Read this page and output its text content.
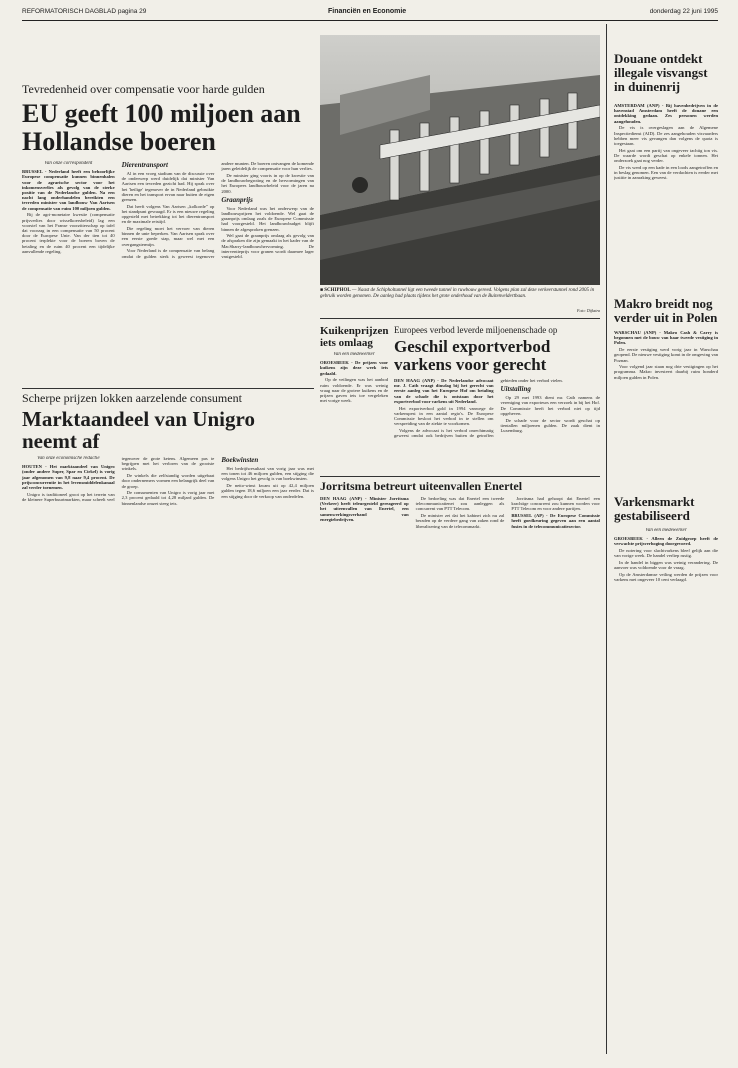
REFORMATORISCH DAGBLAD pagina 29	Financiën en Economie	donderdag 22 juni 1995
Tevredenheid over compensatie voor harde gulden
EU geeft 100 miljoen aan Hollandse boeren

Van onze correspondent

BRUSSEL - Nederland heeft een behoorlijke Europese compensatie kunnen binnenhalen voor de agrarische sector voor het inkomensverlies als gevolg van de sterke positie van de Nederlandse gulden. Na een nacht lang onderhandelen bereikten een tevreden minister van landbouw Van Aartsen de compensatie van ruim 100 miljoen gulden.

Bij de agri-monetaire kwestie (compensatie prijsverlies door wisselkoersbeleid) lag een voorstel van het Franse voorzitterschap op tafel dat voorzag in een compensatie van 50 procent door de Europese Unie. Van der tien tot 40 procent terplekte voor de boeren boven de betaling en de ruim 40 procent een tijdelijke aanvullende regeling.

Dierentransport

Al in een vroeg stadium van de discussie over de onderwerp werd duidelijk dat minister Van Aartsen een tevreden gezicht had. Hij sprak over het 'heilige' tegenover de in Nederland gebruikte dieren en het transport ervan naar buiten de eigen grenzen.

Dat heeft volgens Van Aartsen „kolkorde” op het standpunt gevraagd. Er is een nieuwe regeling opgesteld met betrekking tot het dierentransport en de maximale reistijd.

Die regeling moet het vervoer van dieren binnen de unie beperken. Van Aartsen sprak over een eerste goede stap, maar wel met een overgangstermijn.

Voor Nederland is de compensatie van belang omdat de gulden sterk is geweest tegenover andere munten. De boeren ontvangen de komende jaren geleidelijk de compensatie voor hun verlies.

De minister ging voorts in op de kwestie van de landbouwbegroting en de hervormingen van het Europees landbouwbeleid voor de jaren na 2000.

Graanprijs

Voor Nederland was het onderwerp van de landbouwprijzen het voldoende. Wel gaat de graanprijs omlaag zoals de Europese Commissie had voorgesteld. Het landbouwbudget blijft binnen de afgesproken grenzen.

Wel gaat de graanprijs omlaag als gevolg van de afspraken die zijn gemaakt in het kader van de MacSharry-landbouwhervorming. De interventieprijs voor granen wordt daarmee lager vastgesteld.

■ SCHIPHOL — Naast de Schipholtunnel ligt een tweede tunnel in ruwbouw gereed. Volgens plan zal deze verkeerstunnel rond 2005 in gebruik worden genomen. De aanleg had plaats tijdens het grote onderhoud van de Buitenveldertbaan.
Foto: Dijkstra
Douane ontdekt illegale visvangst in duinenrij

AMSTERDAM (ANP) - Bij havenbedrijven in de havenstad Amsterdam heeft de douane een ontdekking gedaan. Zes personen werden aangehouden.

De vis is overgeslagen aan de Algemene Inspectiedienst (AID). De zes aangehouden visvaarders hebben meer vis gevangen dan volgens de quota is toegestaan.

Het gaat om een partij van ongeveer tachtig ton vis. De waarde wordt geschat op enkele tonnen. Het onderzoek gaat nog verder.

De vis werd op een kade in een loods aangetroffen en in beslag genomen. Een van de verdachten is eerder met justitie in aanraking geweest.

Makro breidt nog verder uit in Polen

WARSCHAU (ANP) - Makro Cash & Carry is begonnen met de bouw van haar tweede vestiging in Polen.

De eerste vestiging werd vorig jaar in Warschau geopend. De nieuwe vestiging komt in de omgeving van Poznan.

Voor volgend jaar staan nog drie vestigingen op het programma. Makro investeert daarbij ruim honderd miljoen gulden in Polen.

Varkensmarkt gestabiliseerd

Van een medewerker

GROESBEEK - Alleen de Zuidgroep heeft de verwachte prijsverhoging doorgevoerd.

De notering voor slachtvarkens bleef gelijk aan die van vorige week. De handel verliep rustig.

In de handel in biggen was weinig verandering. De aanvoer was voldoende voor de vraag.

Op de Amsterdamse veiling werden de prijzen voor varkens met ongeveer 10 cent verlaagd.

Kuikenprijzen iets omlaag

Van een medewerker

OROESBEEK - De prijzen voor kuikens zijn deze week iets gedaald.

Op de veilingen was het aanbod ruim voldoende. Er was weinig vraag naar de grotere kuikens en de prijzen gaven iets toe vergeleken met vorige week.

Europees verbod leverde miljoenenschade op
Geschil exportverbod varkens voor gerecht

DEN HAAG (ANP) - De Nederlandse advocaat mr. J. Cath vraagt dinsdag bij het gerecht van eerste aanleg van het Europese Hof om betaling van de schade die is ontstaan door het exportverbod voor varkens uit Nederland.

Het exportverbod gold in 1994 vanwege de varkenspest in een aantal regio's. De Europese Commissie besloot het verbod in te stellen om verspreiding van de ziekte te voorkomen.

Volgens de advocaat is het verbod onrechtmatig geweest omdat ook bedrijven buiten de getroffen gebieden onder het verbod vielen.

Uitstalling

Op 29 mei 1993 dient mr. Cath namens de vereniging van exporteurs een verzoek in bij het Hof. De Commissie heeft het verbod niet op tijd opgeheven.

De schade voor de sector wordt geschat op tientallen miljoenen gulden. De zaak dient in Luxemburg.

Jorritsma betreurt uiteenvallen Enertel

DEN HAAG (ANP) - Minister Jorritsma (Verkeer) heeft teleurgesteld gereageerd op het uiteenvallen van Enertel, een samenwerkingsverband van energiebedrijven.

De bedoeling was dat Enertel een tweede telecommunicatienet zou aanleggen als concurrent van PTT Telecom.

De minister zei dat het kabinet zich nu zal beraden op de verdere gang van zaken rond de liberalisering van de telecommarkt.

Jorritsma had gehoopt dat Enertel een krachtige concurrent zou kunnen worden voor PTT Telecom en voor andere partijen.

BRUSSEL (AP) - De Europese Commissie heeft goedkeuring gegeven aan een aantal fusies in de telecommunicatiesector.

Scherpe prijzen lokken aarzelende consument
Marktaandeel van Unigro neemt af

Van onze economische redactie

HOUTEN - Het marktaandeel van Unigro (onder andere Super, Spar en Cirkel) is vorig jaar afgenomen van 9,8 naar 9,4 procent. De prijsconcurrentie in het levensmiddelenkanaal zal verder toenemen.

Unigro is traditioneel groot op het terrein van de kleinere Superbuurtmarkten, maar scheelt veel tegenover de grote ketens. Algemeen pas te begrijpen met het verloren van de grootste winkels.

De winkels die zelfstandig worden uitgebaat door ondernemers vormen een belangrijk deel van de groep.

De consumenten van Unigro is vorig jaar met 2,3 procent gedaald tot 4,28 miljard gulden. De binnenlandse omzet steeg iets.

Boekwinsten

Het bedrijfsresultaat van vorig jaar was met een tonen tot 46 miljoen gulden, een stijging die volgens Unigro het gevolg is van boekwinsten.

De netto-winst kwam uit op 42,4 miljoen gulden tegen 18,6 miljoen een jaar eerder. Dat is een stijging door de verkoop van onderdelen.
